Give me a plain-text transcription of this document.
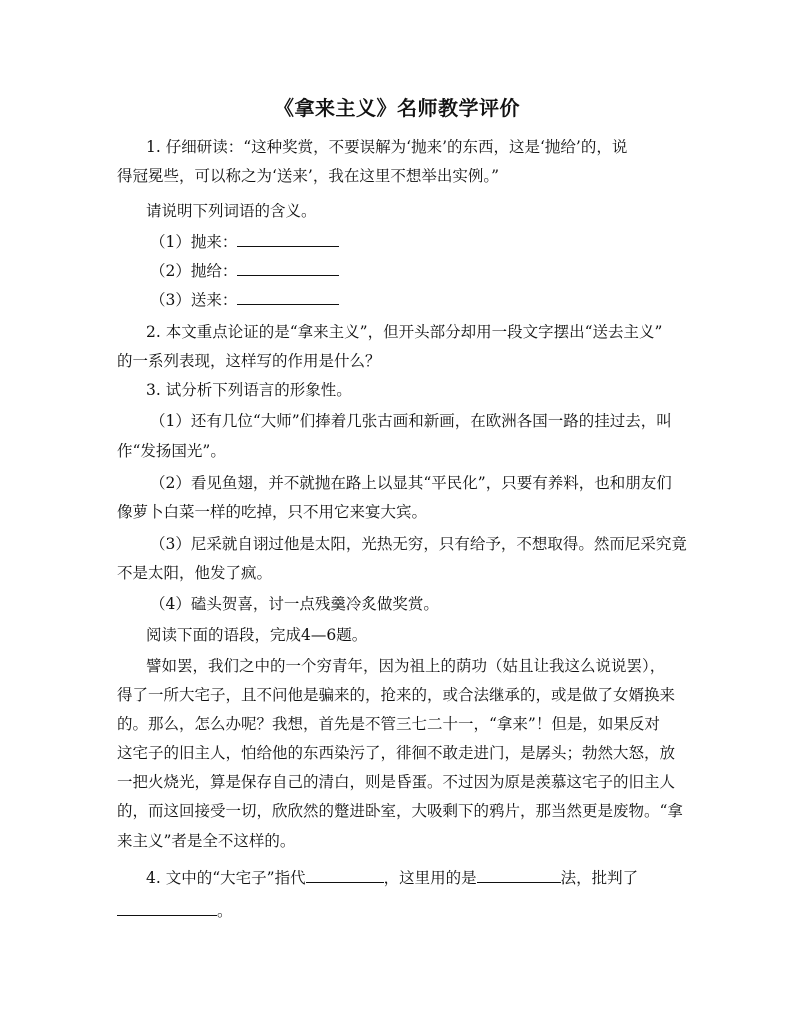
《拿来主义》名师教学评价
1. 仔细研读：“这种奖赏，不要误解为‘抛来’的东西，这是‘抛给’的，说
得冠冕些，可以称之为‘送来’，我在这里不想举出实例。”
请说明下列词语的含义。
（1）抛来：
（2）抛给：
（3）送来：
2. 本文重点论证的是“拿来主义”，但开头部分却用一段文字摆出“送去主义”
的一系列表现，这样写的作用是什么？
3. 试分析下列语言的形象性。
（1）还有几位“大师”们捧着几张古画和新画，在欧洲各国一路的挂过去，叫
作“发扬国光”。
（2）看见鱼翅，并不就抛在路上以显其“平民化”，只要有养料，也和朋友们
像萝卜白菜一样的吃掉，只不用它来宴大宾。
（3）尼采就自诩过他是太阳，光热无穷，只有给予，不想取得。然而尼采究竟
不是太阳，他发了疯。
（4）磕头贺喜，讨一点残羹冷炙做奖赏。
阅读下面的语段，完成4—6题。
譬如罢，我们之中的一个穷青年，因为祖上的荫功（姑且让我这么说说罢），
得了一所大宅子，且不问他是骗来的，抢来的，或合法继承的，或是做了女婿换来
的。那么，怎么办呢？我想，首先是不管三七二十一，“拿来”！但是，如果反对
这宅子的旧主人，怕给他的东西染污了，徘徊不敢走进门，是孱头；勃然大怒，放
一把火烧光，算是保存自己的清白，则是昏蛋。不过因为原是羡慕这宅子的旧主人
的，而这回接受一切，欣欣然的蹩进卧室，大吸剩下的鸦片，那当然更是废物。“拿
来主义”者是全不这样的。
4. 文中的“大宅子”指代	，这里用的是	法，批判了
。
